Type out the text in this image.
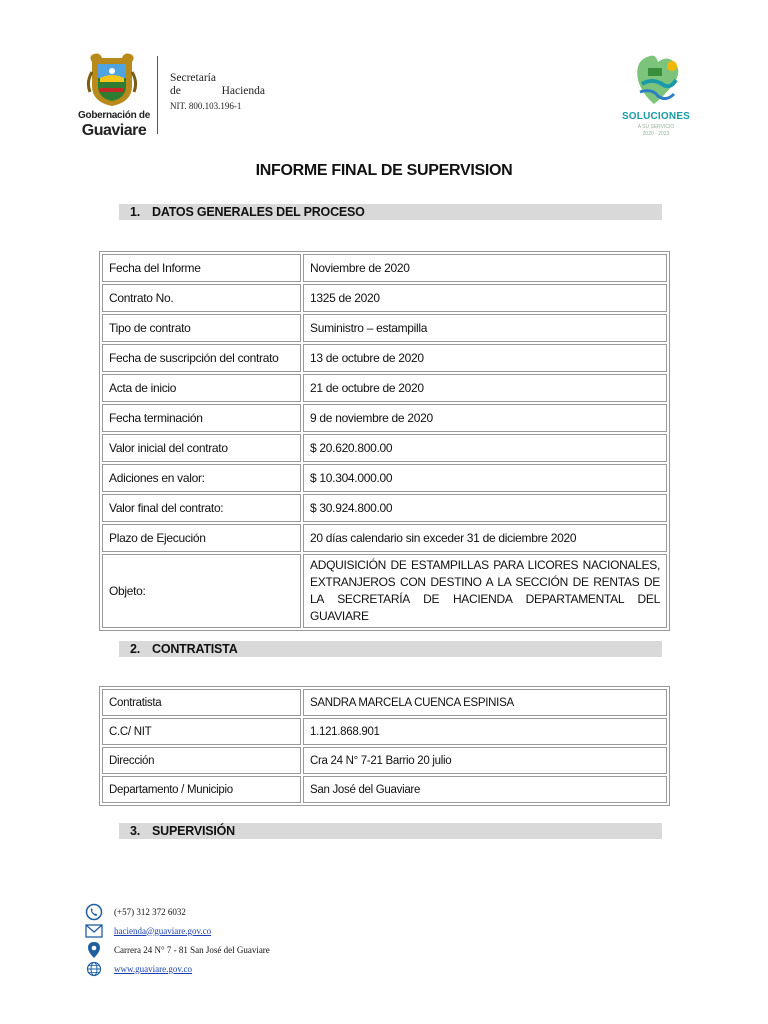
Gobernación de
Guaviare
Secretaría
de	Hacienda
NIT. 800.103.196-1
SOLUCIONES
A SU SERVICIO
2020 - 2023
INFORME FINAL DE SUPERVISION
1. DATOS GENERALES DEL PROCESO
Fecha del Informe	Noviembre de 2020
Contrato No.	1325 de 2020
Tipo de contrato	Suministro – estampilla
Fecha de suscripción del contrato	13 de octubre de 2020
Acta de inicio	21 de octubre de 2020
Fecha terminación	9 de noviembre de 2020
Valor inicial del contrato	$ 20.620.800.00
Adiciones en valor:	$ 10.304.000.00
Valor final del contrato:	$ 30.924.800.00
Plazo de Ejecución	20 días calendario sin exceder 31 de diciembre 2020
Objeto:	ADQUISICIÓN DE ESTAMPILLAS PARA LICORES NACIONALES, EXTRANJEROS CON DESTINO A LA SECCIÓN DE RENTAS DE LA SECRETARÍA DE HACIENDA DEPARTAMENTAL DEL GUAVIARE
2. CONTRATISTA
Contratista	SANDRA MARCELA CUENCA ESPINISA
C.C/ NIT	1.121.868.901
Dirección	Cra 24 N° 7-21 Barrio 20 julio
Departamento / Municipio	San José del Guaviare
3. SUPERVISIÓN
(+57) 312 372 6032
hacienda@guaviare.gov.co
Carrera 24 N° 7 - 81 San José del Guaviare
www.guaviare.gov.co
